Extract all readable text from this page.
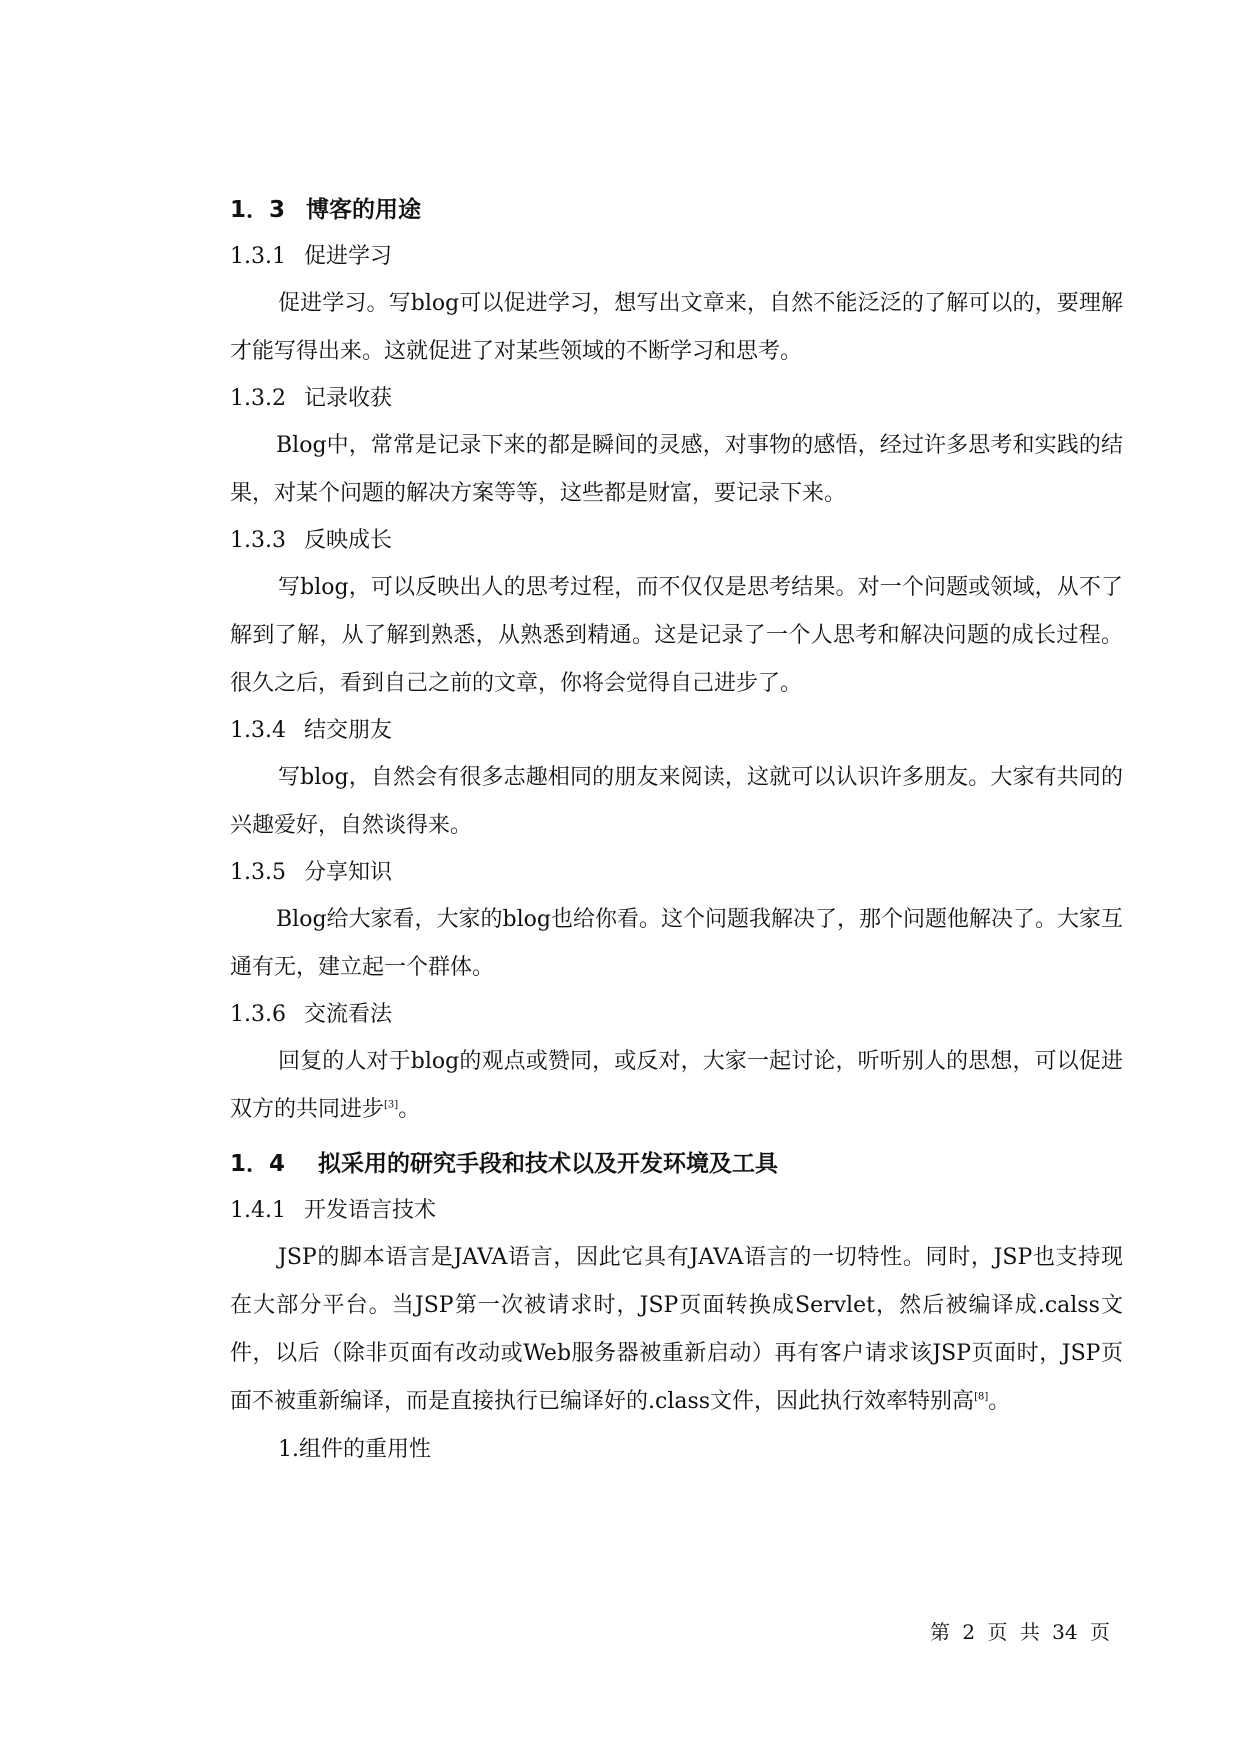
1．3 博客的用途
1.3.1 促进学习

促进学习。写blog可以促进学习，想写出文章来，自然不能泛泛的了解可以的，要理解才能写得出来。这就促进了对某些领域的不断学习和思考。

1.3.2 记录收获

Blog中，常常是记录下来的都是瞬间的灵感，对事物的感悟，经过许多思考和实践的结果，对某个问题的解决方案等等，这些都是财富，要记录下来。

1.3.3 反映成长

写blog，可以反映出人的思考过程，而不仅仅是思考结果。对一个问题或领域，从不了解到了解，从了解到熟悉，从熟悉到精通。这是记录了一个人思考和解决问题的成长过程。很久之后，看到自己之前的文章，你将会觉得自己进步了。

1.3.4 结交朋友

写blog，自然会有很多志趣相同的朋友来阅读，这就可以认识许多朋友。大家有共同的兴趣爱好，自然谈得来。

1.3.5 分享知识

Blog给大家看，大家的blog也给你看。这个问题我解决了，那个问题他解决了。大家互通有无，建立起一个群体。

1.3.6 交流看法

回复的人对于blog的观点或赞同，或反对，大家一起讨论，听听别人的思想，可以促进双方的共同进步[3]。

1．4 拟采用的研究手段和技术以及开发环境及工具
1.4.1 开发语言技术

JSP的脚本语言是JAVA语言，因此它具有JAVA语言的一切特性。同时，JSP也支持现在大部分平台。当JSP第一次被请求时，JSP页面转换成Servlet，然后被编译成.calss文件，以后（除非页面有改动或Web服务器被重新启动）再有客户请求该JSP页面时，JSP页面不被重新编译，而是直接执行已编译好的.class文件，因此执行效率特别高[8]。

1.组件的重用性
第 2 页 共 34 页
